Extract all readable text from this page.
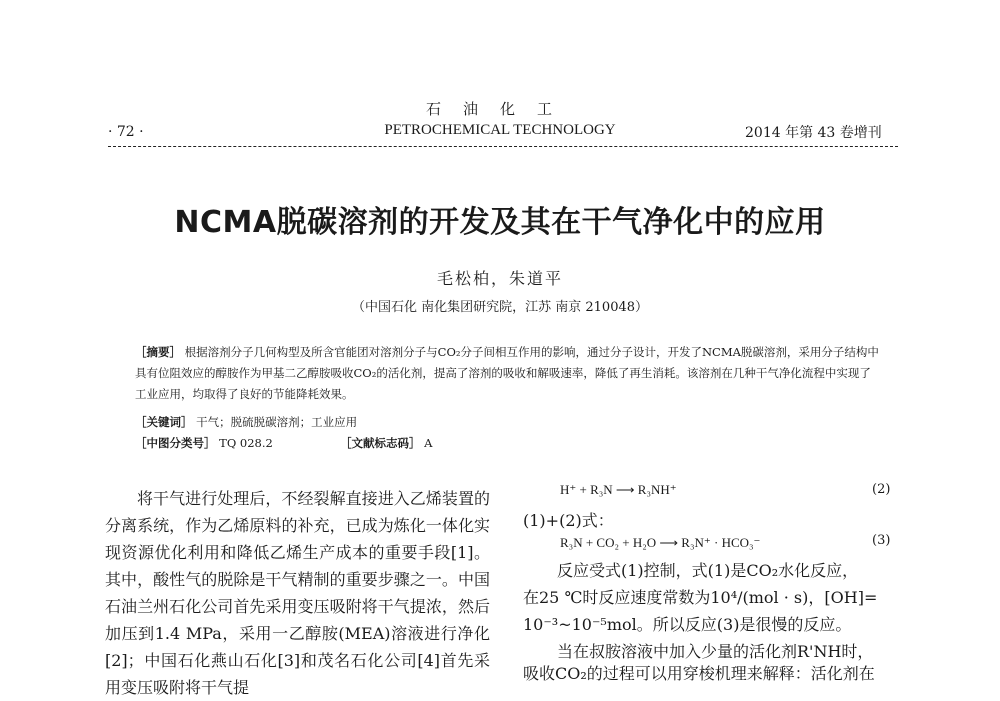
石油化工
· 72 ·	PETROCHEMICAL TECHNOLOGY	2014 年第 43 卷增刊
NCMA脱碳溶剂的开发及其在干气净化中的应用
毛松柏，朱道平
（中国石化 南化集团研究院，江苏 南京 210048）
［摘要］ 根据溶剂分子几何构型及所含官能团对溶剂分子与CO₂分子间相互作用的影响，通过分子设计，开发了NCMA脱碳溶剂，采用分子结构中具有位阻效应的醇胺作为甲基二乙醇胺吸收CO₂的活化剂，提高了溶剂的吸收和解吸速率，降低了再生消耗。该溶剂在几种干气净化流程中实现了工业应用，均取得了良好的节能降耗效果。
［关键词］ 干气；脱硫脱碳溶剂；工业应用
［中图分类号］ TQ 028.2	［文献标志码］ A
将干气进行处理后，不经裂解直接进入乙烯装置的分离系统，作为乙烯原料的补充，已成为炼化一体化实现资源优化利用和降低乙烯生产成本的重要手段[1]。其中，酸性气的脱除是干气精制的重要步骤之一。中国石油兰州石化公司首先采用变压吸附将干气提浓，然后加压到1.4 MPa，采用一乙醇胺(MEA)溶液进行净化[2]；中国石化燕山石化[3]和茂名石化公司[4]首先采用变压吸附将干气提
H⁺ + R₃N ⟶ R₃NH⁺	(2)
(1)+(2)式：
R₃N + CO₂ + H₂O ⟶ R₃N⁺ · HCO₃⁻	(3)
反应受式(1)控制，式(1)是CO₂水化反应，
在25 ℃时反应速度常数为10⁴/(mol · s)，[OH]=
10⁻³~10⁻⁵mol。所以反应(3)是很慢的反应。
当在叔胺溶液中加入少量的活化剂R'NH时，
吸收CO₂的过程可以用穿梭机理来解释：活化剂在
